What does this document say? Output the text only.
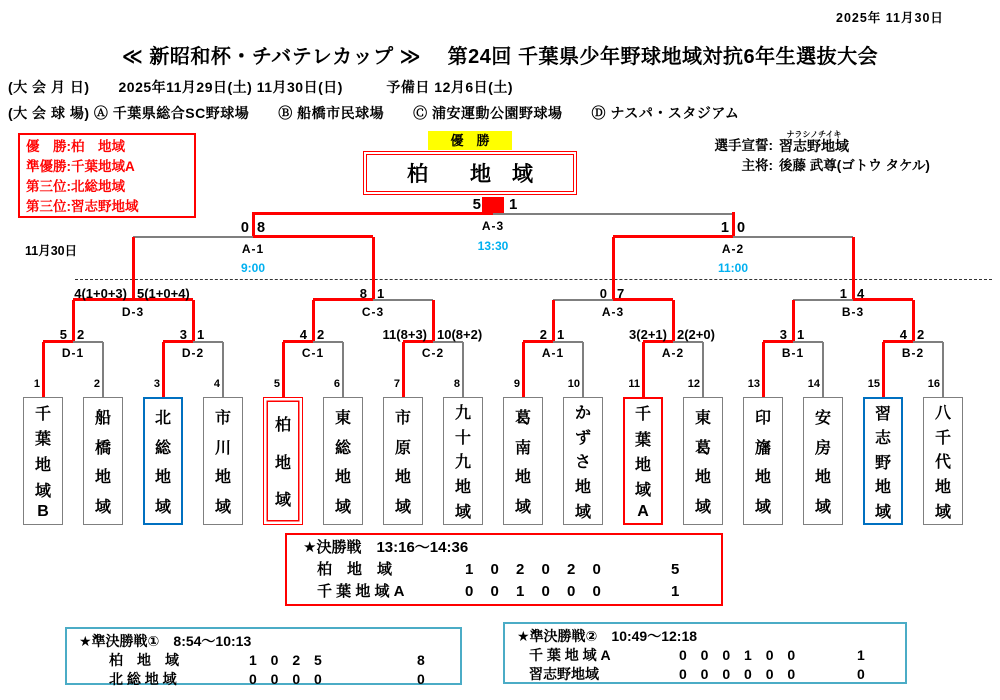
2025年 11月30日
≪ 新昭和杯・チバテレカップ ≫　 第24回 千葉県少年野球地域対抗6年生選抜大会
(大 会 月 日)　　2025年11月29日(土) 11月30日(日)　　　予備日 12月6日(土)
(大 会 球 場) Ⓐ 千葉県総合SC野球場　　Ⓑ 船橋市民球場　　Ⓒ 浦安運動公園野球場　　Ⓓ ナスパ・スタジアム
優　勝:柏　地域
準優勝:千葉地域A
第三位:北総地域
第三位:習志野地域
優　勝
柏　　地　域
選手宣誓:
ナラシノチイキ
習志野地域
主将: 後藤 武尊(ゴトウ タケル)
11月30日
5 1
A-3
13:30
0 8
A-1
9:00
1 0
A-2
11:00
4(1+0+3) 5(1+0+4)
D-3
8 1
C-3
0 7
A-3
1 4
B-3
5 2
D-1
3 1
D-2
4 2
C-1
11(8+3) 10(8+2)
C-2
2 1
A-1
3(2+1) 2(2+0)
A-2
3 1
B-1
4 2
B-2
1	2	3	4	5	6	7	8	9	10	11	12	13	14	15	16
千
葉
地
域
B
船
橋
地
域
北
総
地
域
市
川
地
域
柏
地
域
東
総
地
域
市
原
地
域
九
十
九
地
域
葛
南
地
域
か
ず
さ
地
域
千
葉
地
域
A
東
葛
地
域
印
旛
地
域
安
房
地
域
習
志
野
地
域
八
千
代
地
域
★決勝戦　13:16〜14:36
柏　地　域	1 0 2 0 2 0	5
千 葉 地 域 A	0 0 1 0 0 0	1
★準決勝戦①　8:54〜10:13
柏　地　域	1 0 2 5	8
北 総 地 域	0 0 0 0	0
★準決勝戦②　10:49〜12:18
千 葉 地 域 A	0 0 0 1 0 0	1
習志野地域	0 0 0 0 0 0	0
